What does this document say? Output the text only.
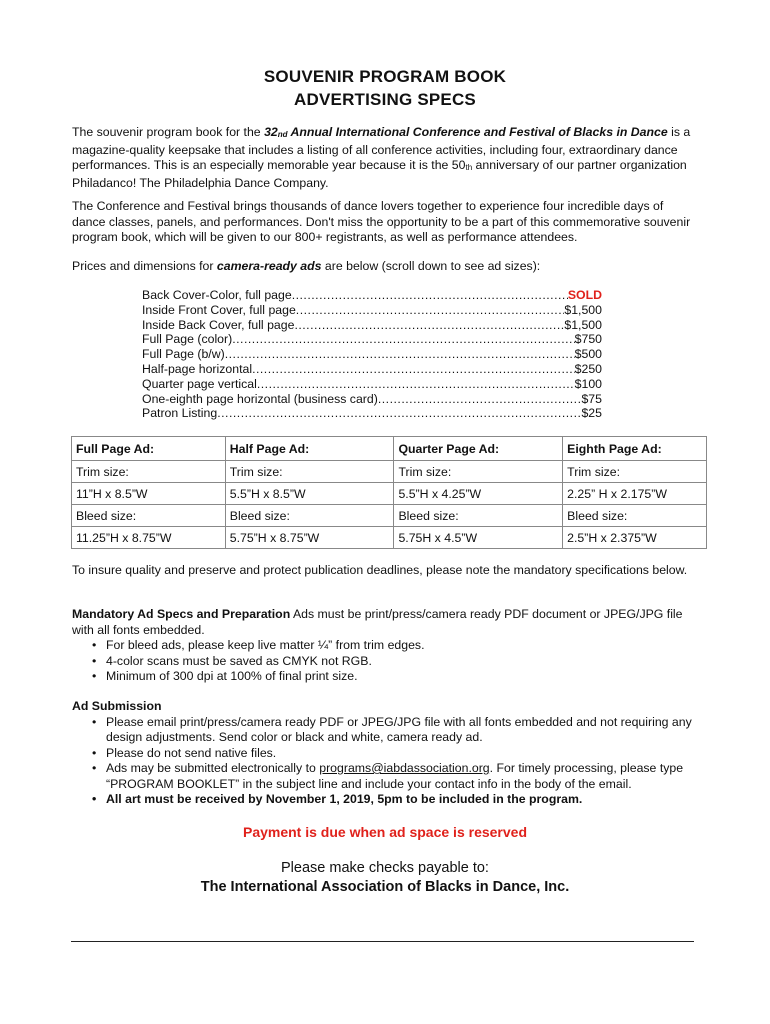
SOUVENIR PROGRAM BOOK
ADVERTISING SPECS

The souvenir program book for the $32_{nd}$ Annual International Conference and Festival of Blacks in Dance is a magazine-quality keepsake that includes a listing of all conference activities, including four, extraordinary dance performances. This is an especially memorable year because it is the $50_{th}$ anniversary of our partner organization Philadanco! The Philadelphia Dance Company.

The Conference and Festival brings thousands of dance lovers together to experience four incredible days of dance classes, panels, and performances. Don't miss the opportunity to be a part of this commemorative souvenir program book, which will be given to our 800+ registrants, as well as performance attendees.

Prices and dimensions for camera-ready ads are below (scroll down to see ad sizes):

Back Cover-Color, full page .....	SOLD
Inside Front Cover, full page .....	$1,500
Inside Back Cover, full page .....	$1,500
Full Page (color) .....	$750
Full Page (b/w) .....	$500
Half-page horizontal .....	$250
Quarter page vertical .....	$100
One-eighth page horizontal (business card) .....	$75
Patron Listing .....	$25
Full Page Ad:	Half Page Ad:	Quarter Page Ad:	Eighth Page Ad:
Trim size:	Trim size:	Trim size:	Trim size:
11”H x 8.5”W	5.5”H x 8.5”W	5.5”H x 4.25”W	2.25” H x 2.175”W
Bleed size:	Bleed size:	Bleed size:	Bleed size:
11.25”H x 8.75”W	5.75”H x 8.75”W	5.75H x 4.5”W	2.5”H x 2.375”W

To insure quality and preserve and protect publication deadlines, please note the mandatory specifications below.

Mandatory Ad Specs and Preparation Ads must be print/press/camera ready PDF document or JPEG/JPG file with all fonts embedded.

• For bleed ads, please keep live matter ¼” from trim edges.
• 4-color scans must be saved as CMYK not RGB.
• Minimum of 300 dpi at 100% of final print size.

Ad Submission

• Please email print/press/camera ready PDF or JPEG/JPG file with all fonts embedded and not requiring any design adjustments. Send color or black and white, camera ready ad.
• Please do not send native files.
• Ads may be submitted electronically to programs@iabdassociation.org. For timely processing, please type “PROGRAM BOOKLET” in the subject line and include your contact info in the body of the email.
• All art must be received by November 1, 2019, 5pm to be included in the program.
Payment is due when ad space is reserved
Please make checks payable to:
The International Association of Blacks in Dance, Inc.
